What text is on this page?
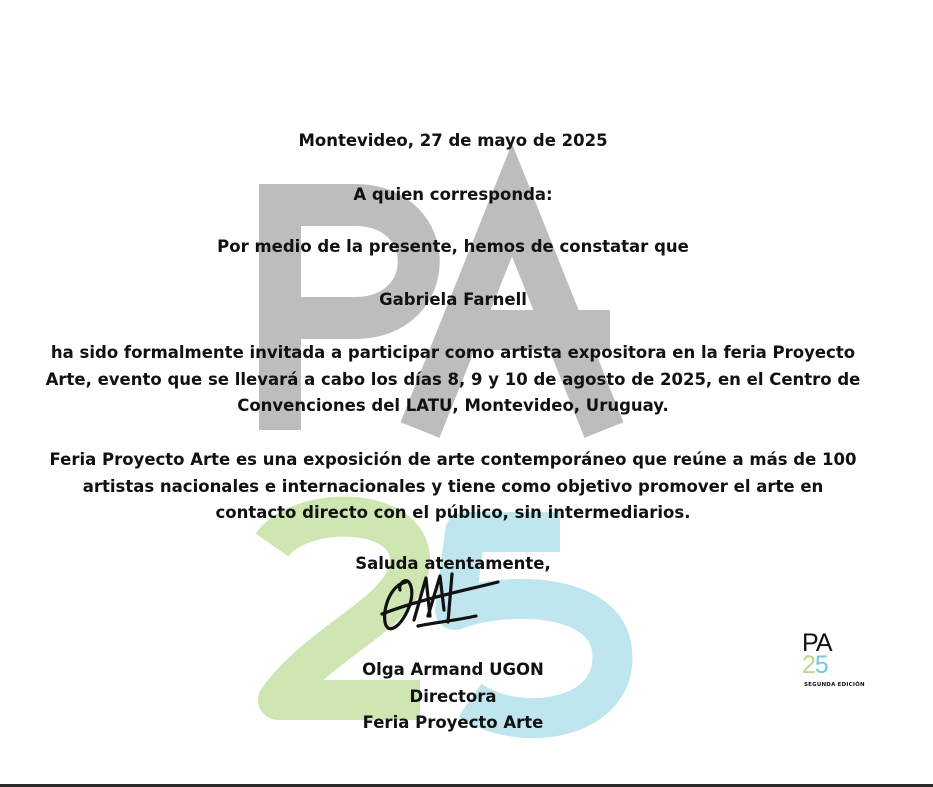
Montevideo, 27 de mayo de 2025
A quien corresponda:
Por medio de la presente, hemos de constatar que
Gabriela Farnell
ha sido formalmente invitada a participar como artista expositora en la feria Proyecto Arte, evento que se llevará a cabo los días 8, 9 y 10 de agosto de 2025, en el Centro de Convenciones del LATU, Montevideo, Uruguay.
Feria Proyecto Arte es una exposición de arte contemporáneo que reúne a más de 100 artistas nacionales e internacionales y tiene como objetivo promover el arte en contacto directo con el público, sin intermediarios.
Saluda atentamente,
Olga Armand UGON
Directora
Feria Proyecto Arte
PA
25
SEGUNDA EDICIÓN
